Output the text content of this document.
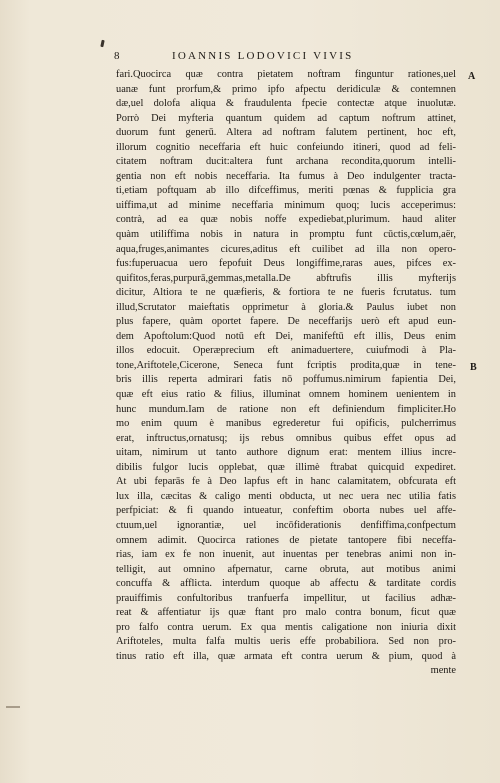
8	IOANNIS LODOVICI VIVIS
A
B
fari.Quocirca quæ contra pietatem noftram finguntur rationes,uel
uanæ funt prorfum,& primo ipfo afpectu deridiculæ & contemnen
dæ,uel dolofa aliqua & fraudulenta fpecie contectæ atque inuolutæ.
Porrò Dei myfteria quantum quidem ad captum noftrum attinet,
duorum funt generū. Altera ad noftram falutem pertinent, hoc eft,
illorum cognitio neceffaria eft huic confeiundo itineri, quod ad feli-
citatem noftram ducit:altera funt archana recondita,quorum intelli-
gentia non eft nobis neceffaria. Ita fumus à Deo indulgenter tracta-
ti,etiam poftquam ab illo difceffimus, meriti pœnas & fupplicia gra
uiffima,ut ad minime neceffaria minimum quoq; lucis acceperimus:
contrà, ad ea quæ nobis noffe expediebat,plurimum. haud aliter
quàm utiliffima nobis in natura in promptu funt cūctis,cœlum,aër,
aqua,fruges,animantes cicures,aditus eft cuilibet ad illa non opero-
fus:fuperuacua uero fepofuit Deus longiffime,raras aues, pifces ex-
quifitos,feras,purpurā,gemmas,metalla.De abftrufis illis myfterijs
dicitur, Altiora te ne quæfieris, & fortiora te ne fueris fcrutatus. tum
illud,Scrutator maieftatis opprimetur à gloria.& Paulus iubet non
plus fapere, quàm oportet fapere. De neceffarijs uerò eft apud eun-
dem Apoftolum:Quod notū eft Dei, manifeftū eft illis, Deus enim
illos edocuit. Operæprecium eft animaduertere, cuiufmodi à Pla-
tone,Ariftotele,Cicerone, Seneca funt fcriptis prodita,quæ in tene-
bris illis reperta admirari fatis nō poffumus.nimirum fapientia Dei,
quæ eft eius ratio & filius, illuminat omnem hominem uenientem in
hunc mundum.Iam de ratione non eft definiendum fimpliciter.Ho
mo enim quum è manibus egrederetur fui opificis, pulcherrimus
erat, inftructus,ornatusq; ijs rebus omnibus quibus effet opus ad
uitam, nimirum ut tanto authore dignum erat: mentem illius incre-
dibilis fulgor lucis opplebat, quæ illimè ftrabat quicquid expediret.
At ubi feparās fe à Deo lapfus eft in hanc calamitatem, obfcurata eft
lux illa, cæcitas & caligo menti obducta, ut nec uera nec utilia fatis
perfpiciat: & fi quando intueatur, confeftim oborta nubes uel affe-
ctuum,uel ignorantiæ, uel incōfiderationis denfiffima,confpectum
omnem adimit. Quocirca rationes de pietate tantopere fibi neceffa-
rias, iam ex fe non inuenit, aut inuentas per tenebras animi non in-
telligit, aut omnino afpernatur, carne obruta, aut motibus animi
concuffa & afflicta. interdum quoque ab affectu & tarditate cordis
prauiffimis confultoribus tranfuerfa impellitur, ut facilius adhæ-
reat & affentiatur ijs quæ ftant pro malo contra bonum, ficut quæ
pro falfo contra uerum. Ex qua mentis caligatione non iniuria dixit
Ariftoteles, multa falfa multis ueris effe probabiliora. Sed non pro-
tinus ratio eft illa, quæ armata eft contra uerum & pium, quod à
mente
